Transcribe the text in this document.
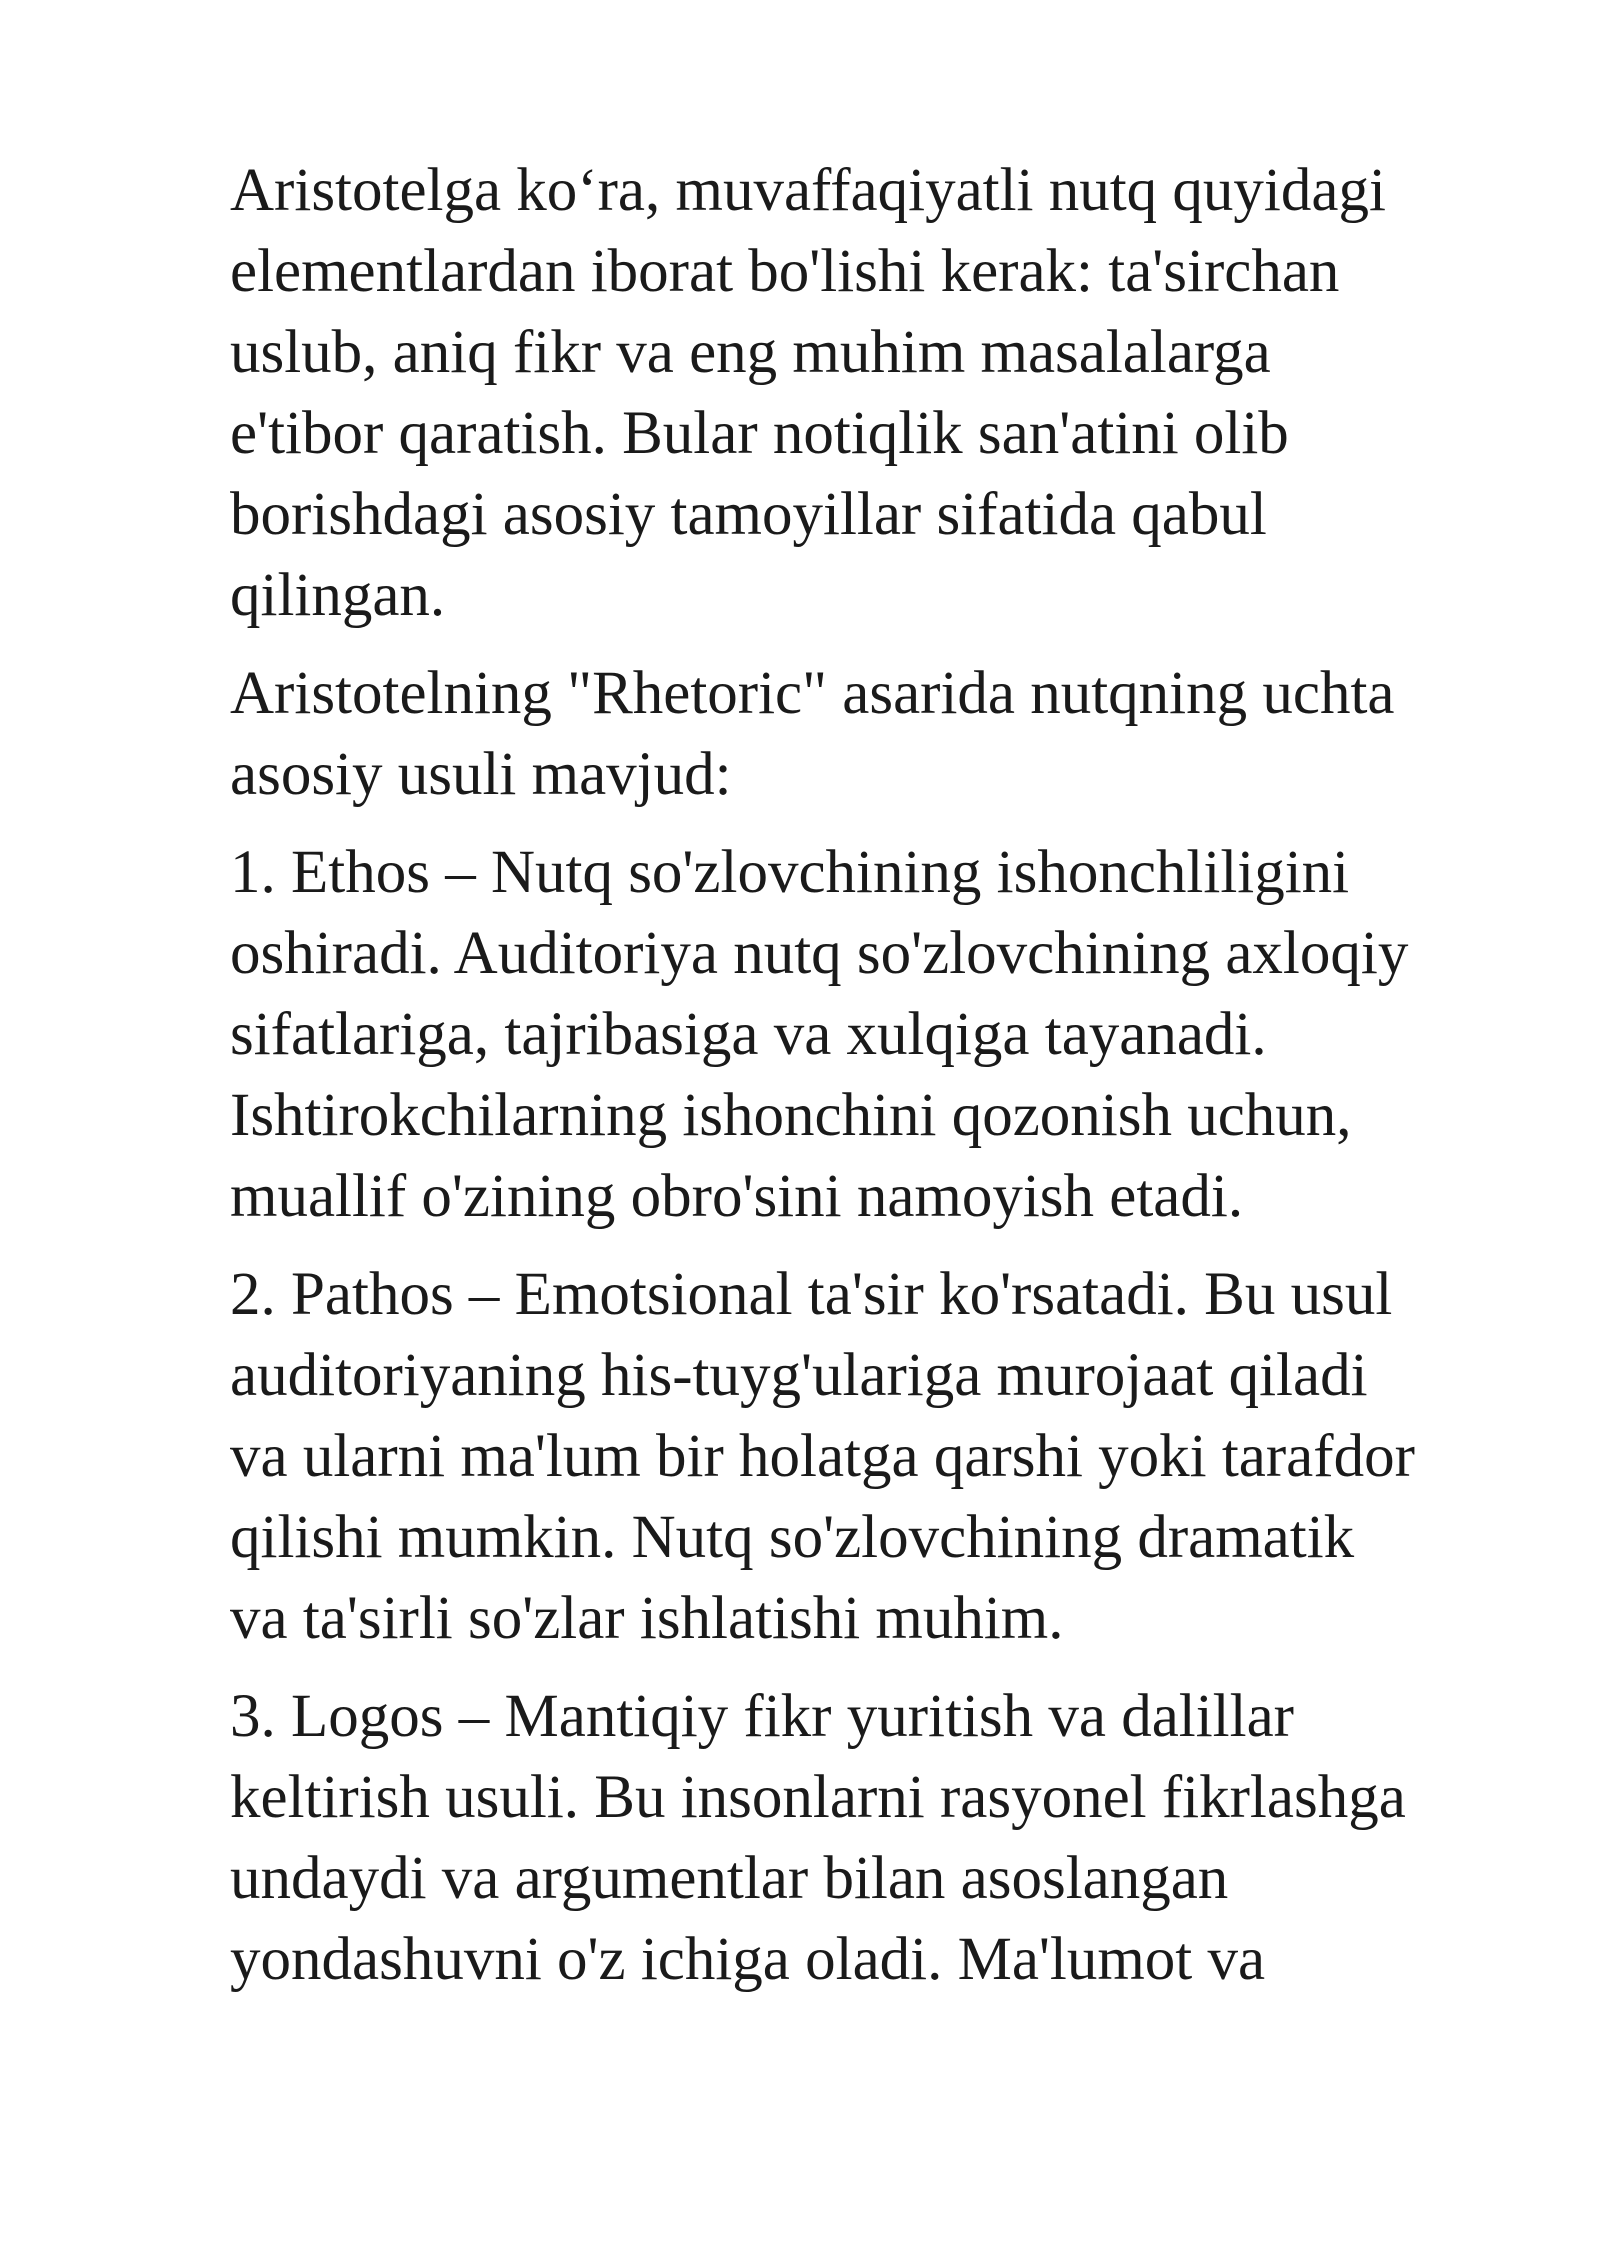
Aristotelga ko‘ra, muvaffaqiyatli nutq quyidagi
elementlardan iborat bo'lishi kerak: ta'sirchan
uslub, aniq fikr va eng muhim masalalarga
e'tibor qaratish. Bular notiqlik san'atini olib
borishdagi asosiy tamoyillar sifatida qabul
qilingan.

Aristotelning "Rhetoric" asarida nutqning uchta
asosiy usuli mavjud:

1. Ethos – Nutq so'zlovchining ishonchliligini
oshiradi. Auditoriya nutq so'zlovchining axloqiy
sifatlariga, tajribasiga va xulqiga tayanadi.
Ishtirokchilarning ishonchini qozonish uchun,
muallif o'zining obro'sini namoyish etadi.

2. Pathos – Emotsional ta'sir ko'rsatadi. Bu usul
auditoriyaning his-tuyg'ulariga murojaat qiladi
va ularni ma'lum bir holatga qarshi yoki tarafdor
qilishi mumkin. Nutq so'zlovchining dramatik
va ta'sirli so'zlar ishlatishi muhim.

3. Logos – Mantiqiy fikr yuritish va dalillar
keltirish usuli. Bu insonlarni rasyonel fikrlashga
undaydi va argumentlar bilan asoslangan
yondashuvni o'z ichiga oladi. Ma'lumot va
